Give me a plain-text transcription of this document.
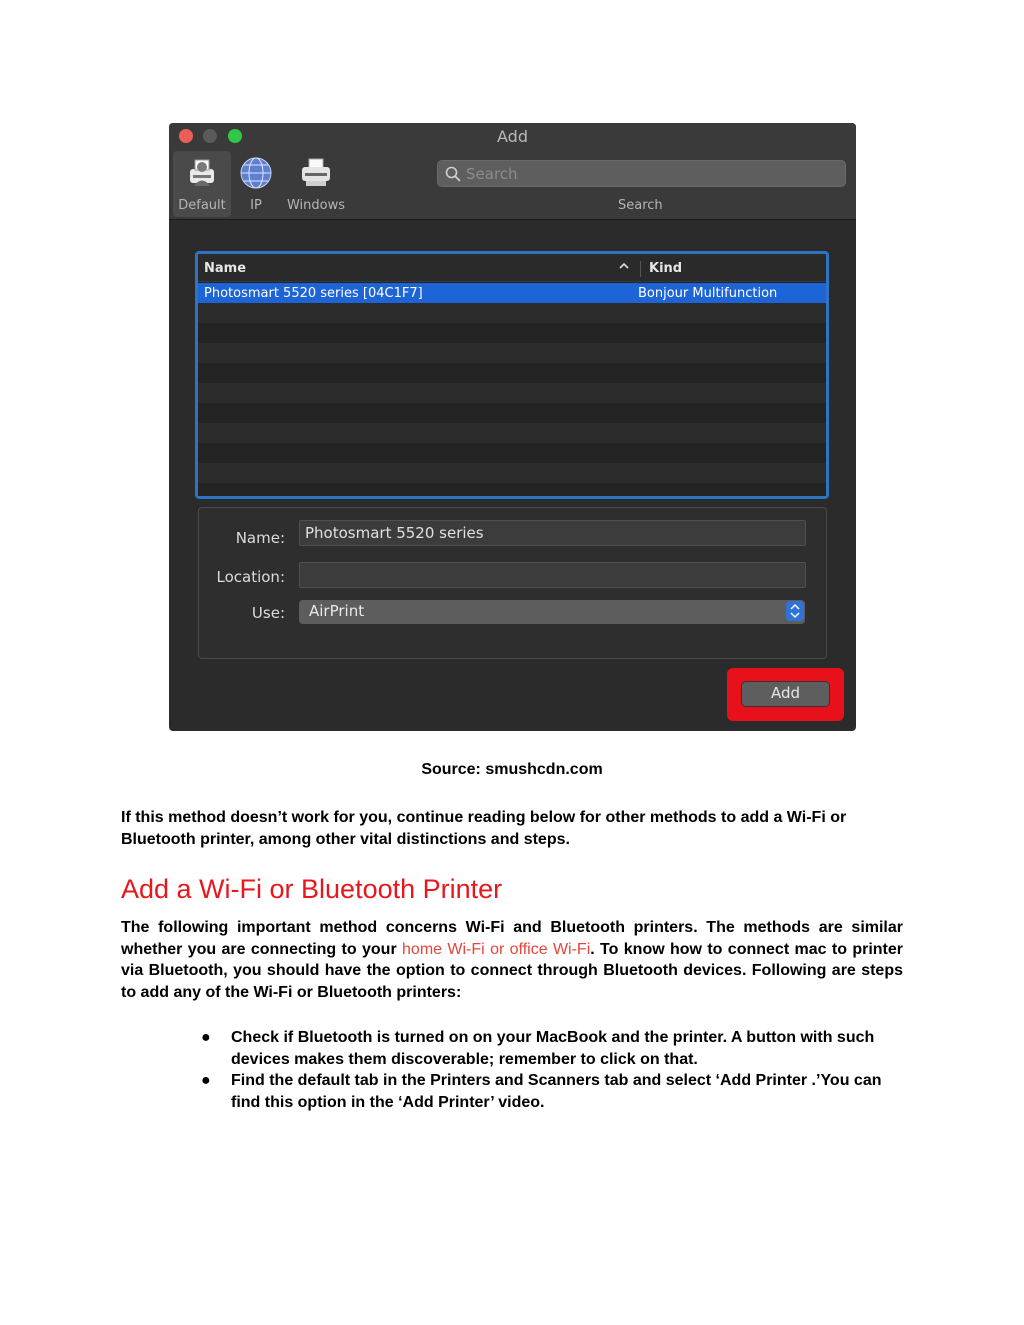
Add
Default	IP	Windows
Search	Search
Name	Kind
Photosmart 5520 series [04C1F7]	Bonjour Multifunction
Name:
Photosmart 5520 series
Location:
Use:	AirPrint
Add
Source: smushcdn.com

If this method doesn’t work for you, continue reading below for other methods to add a Wi-Fi or Bluetooth printer, among other vital distinctions and steps.

Add a Wi-Fi or Bluetooth Printer

The following important method concerns Wi-Fi and Bluetooth printers. The methods are similar whether you are connecting to your home Wi-Fi or office Wi-Fi. To know how to connect mac to printer via Bluetooth, you should have the option to connect through Bluetooth devices. Following are steps to add any of the Wi-Fi or Bluetooth printers:

● Check if Bluetooth is turned on on your MacBook and the printer. A button with such devices makes them discoverable; remember to click on that.
● Find the default tab in the Printers and Scanners tab and select ‘Add Printer .’You can find this option in the ‘Add Printer’ video.
